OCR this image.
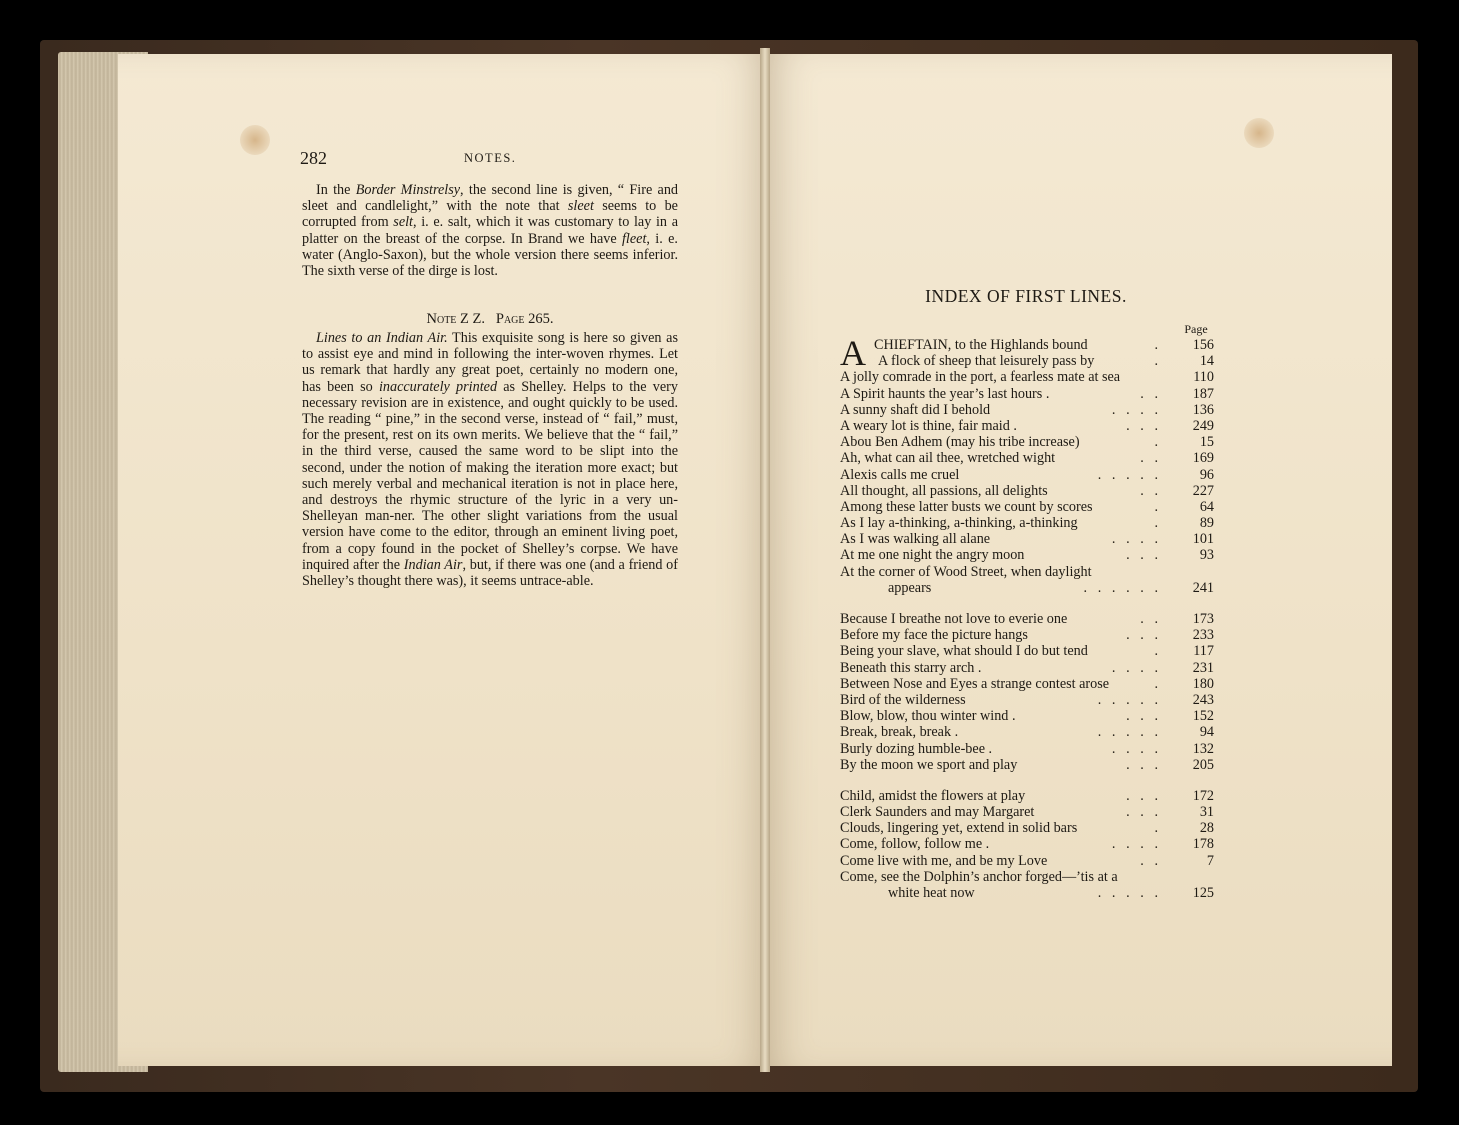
282	NOTES.
In the Border Minstrelsy, the second line is given, “ Fire and sleet and candlelight,” with the note that sleet seems to be corrupted from selt, i. e. salt, which it was customary to lay in a platter on the breast of the corpse. In Brand we have fleet, i. e. water (Anglo-Saxon), but the whole version there seems inferior. The sixth verse of the dirge is lost.
Note Z Z. Page 265.
Lines to an Indian Air. This exquisite song is here so given as to assist eye and mind in following the inter-woven rhymes. Let us remark that hardly any great poet, certainly no modern one, has been so inaccurately printed as Shelley. Helps to the very necessary revision are in existence, and ought quickly to be used. The reading “ pine,” in the second verse, instead of “ fail,” must, for the present, rest on its own merits. We believe that the “ fail,” in the third verse, caused the same word to be slipt into the second, under the notion of making the iteration more exact; but such merely verbal and mechanical iteration is not in place here, and destroys the rhymic structure of the lyric in a very un-Shelleyan man-ner. The other slight variations from the usual version have come to the editor, through an eminent living poet, from a copy found in the pocket of Shelley’s corpse. We have inquired after the Indian Air, but, if there was one (and a friend of Shelley’s thought there was), it seems untrace-able.
INDEX OF FIRST LINES.
Page
A CHIEFTAIN, to the Highlands bound	.	156
A flock of sheep that leisurely pass by	.	14
A jolly comrade in the port, a fearless mate at sea	110
A Spirit haunts the year’s last hours .	.   .	187
A sunny shaft did I behold	.   .   .   .	136
A weary lot is thine, fair maid .	.   .   .	249
Abou Ben Adhem (may his tribe increase)	.	15
Ah, what can ail thee, wretched wight	.   .	169
Alexis calls me cruel	.   .   .   .   .	96
All thought, all passions, all delights	.   .	227
Among these latter busts we count by scores	.	64
As I lay a-thinking, a-thinking, a-thinking	.	89
As I was walking all alane	.   .   .   .	101
At me one night the angry moon	.   .   .	93
At the corner of Wood Street, when daylight
appears	.   .   .   .   .   .	241
Because I breathe not love to everie one	.   .	173
Before my face the picture hangs	.   .   .	233
Being your slave, what should I do but tend	.	117
Beneath this starry arch .	.   .   .   .	231
Between Nose and Eyes a strange contest arose	.	180
Bird of the wilderness	.   .   .   .   .	243
Blow, blow, thou winter wind .	.   .   .	152
Break, break, break .	.   .   .   .   .	94
Burly dozing humble-bee .	.   .   .   .	132
By the moon we sport and play	.   .   .	205
Child, amidst the flowers at play	.   .   .	172
Clerk Saunders and may Margaret	.   .   .	31
Clouds, lingering yet, extend in solid bars	.	28
Come, follow, follow me .	.   .   .   .	178
Come live with me, and be my Love	.   .	7
Come, see the Dolphin’s anchor forged—’tis at a
white heat now	.   .   .   .   .	125
